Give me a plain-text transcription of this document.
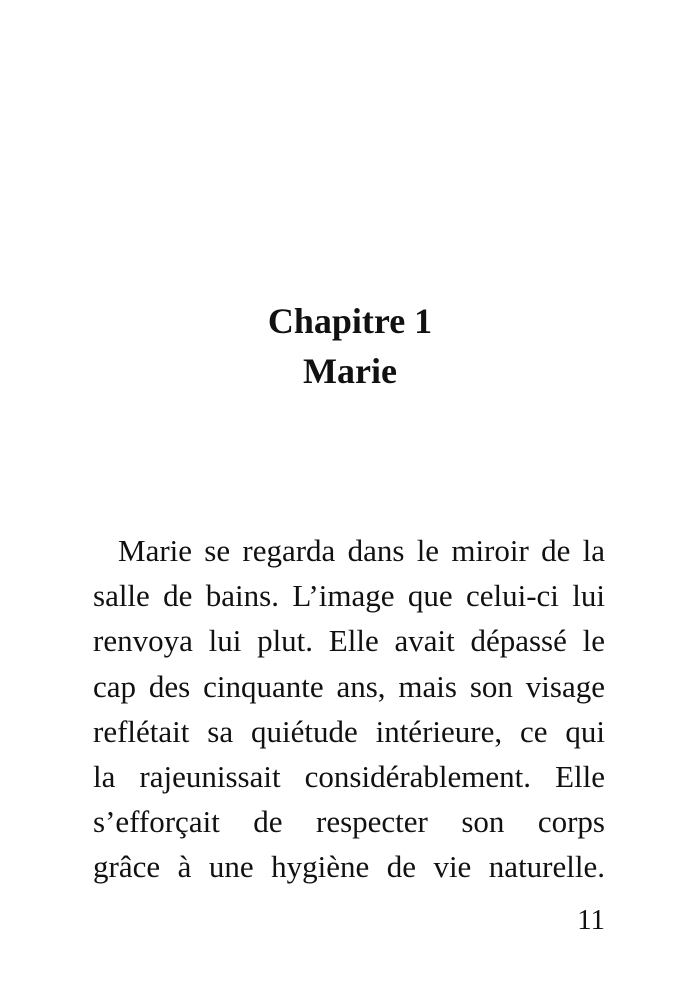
Chapitre 1
Marie
Marie se regarda dans le miroir de la
salle de bains. L’image que celui-ci lui
renvoya lui plut. Elle avait dépassé le
cap des cinquante ans, mais son visage
reflétait sa quiétude intérieure, ce qui
la rajeunissait considérablement. Elle
s’efforçait de respecter son corps
grâce à une hygiène de vie naturelle.
11
